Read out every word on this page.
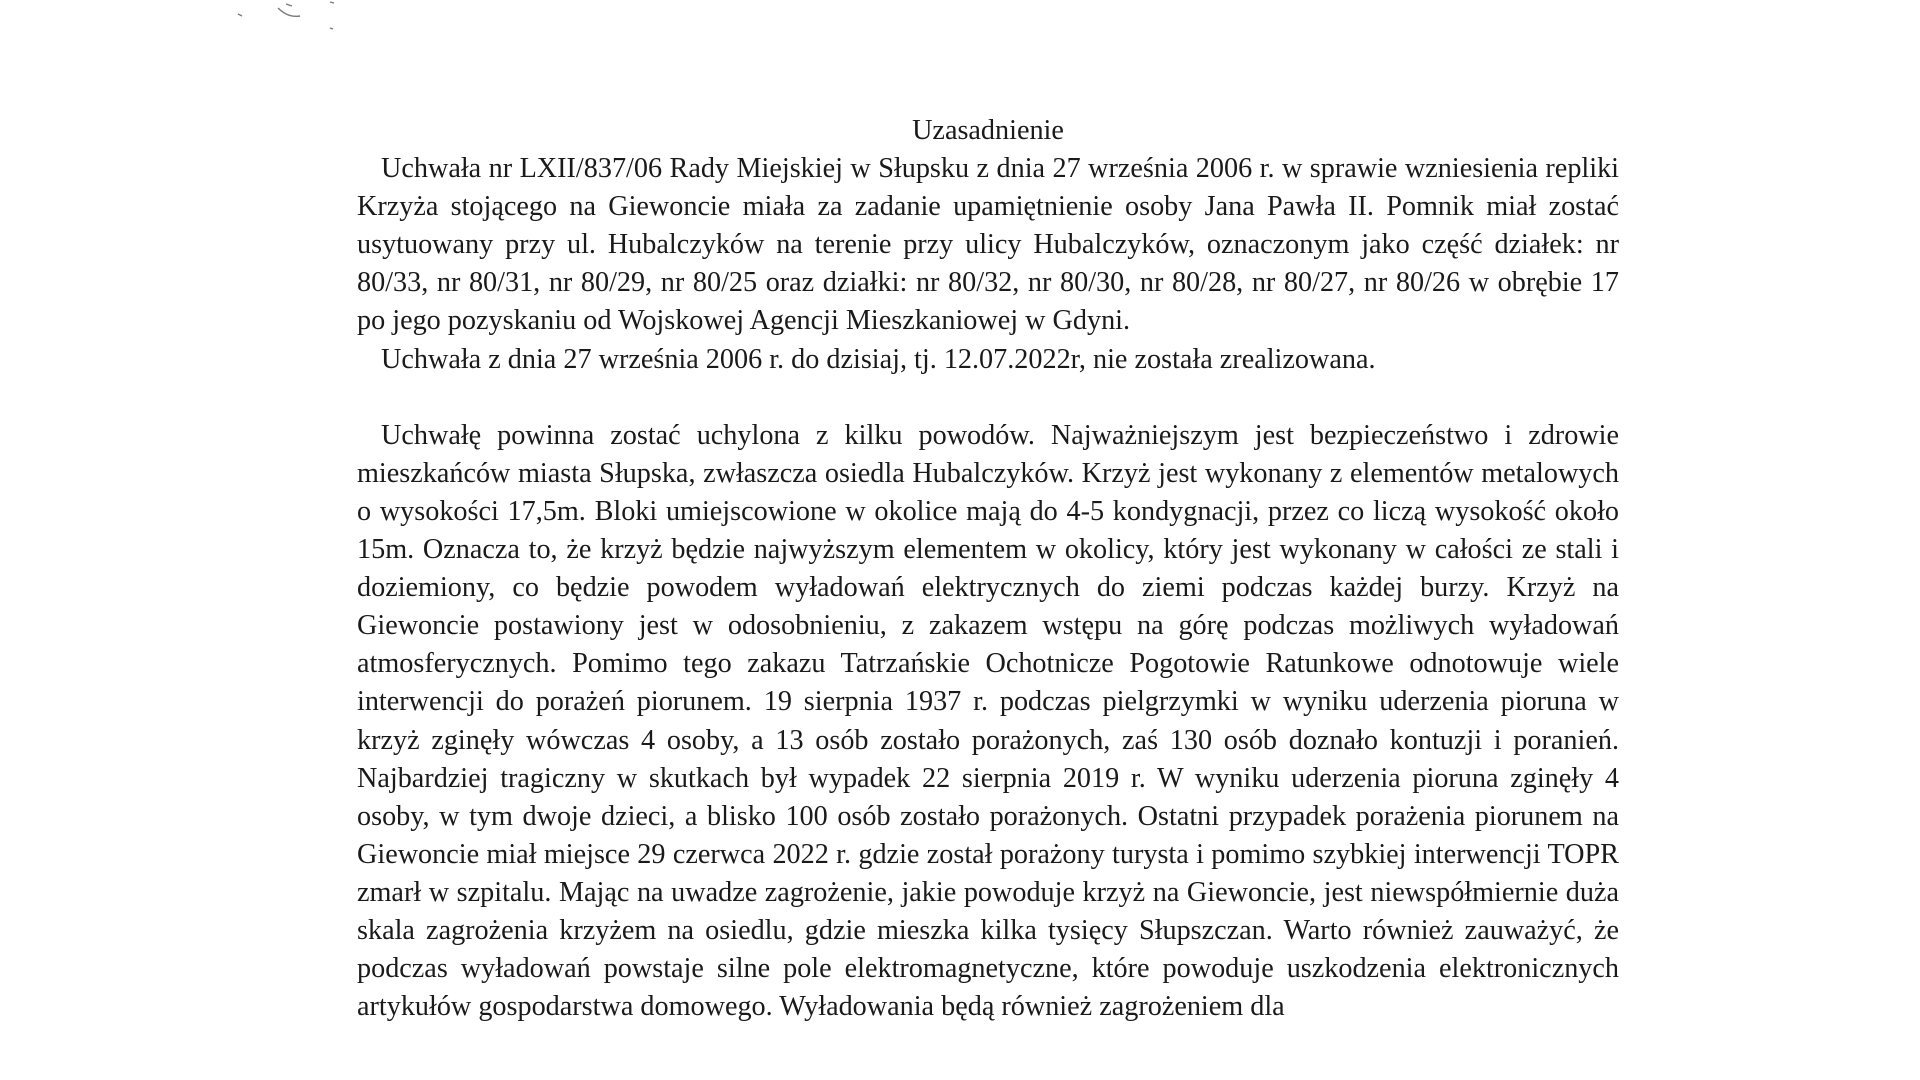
Uzasadnienie

Uchwała nr LXII/837/06 Rady Miejskiej w Słupsku z dnia 27 września 2006 r. w sprawie wzniesienia repliki Krzyża stojącego na Giewoncie miała za zadanie upamiętnienie osoby Jana Pawła II. Pomnik miał zostać usytuowany przy ul. Hubalczyków na terenie przy ulicy Hubalczyków, oznaczonym jako część działek: nr 80/33, nr 80/31, nr 80/29, nr 80/25 oraz działki: nr 80/32, nr 80/30, nr 80/28, nr 80/27, nr 80/26 w obrębie 17 po jego pozyskaniu od Wojskowej Agencji Mieszkaniowej w Gdyni.

Uchwała z dnia 27 września 2006 r. do dzisiaj, tj. 12.07.2022r, nie została zrealizowana.

Uchwałę powinna zostać uchylona z kilku powodów. Najważniejszym jest bezpieczeństwo i zdrowie mieszkańców miasta Słupska, zwłaszcza osiedla Hubalczyków. Krzyż jest wykonany z elementów metalowych o wysokości 17,5m. Bloki umiejscowione w okolice mają do 4-5 kondygnacji, przez co liczą wysokość około 15m. Oznacza to, że krzyż będzie najwyższym elementem w okolicy, który jest wykonany w całości ze stali i doziemiony, co będzie powodem wyładowań elektrycznych do ziemi podczas każdej burzy. Krzyż na Giewoncie postawiony jest w odosobnieniu, z zakazem wstępu na górę podczas możliwych wyładowań atmosferycznych. Pomimo tego zakazu Tatrzańskie Ochotnicze Pogotowie Ratunkowe odnotowuje wiele interwencji do porażeń piorunem. 19 sierpnia 1937 r. podczas pielgrzymki w wyniku uderzenia pioruna w krzyż zginęły wówczas 4 osoby, a 13 osób zostało porażonych, zaś 130 osób doznało kontuzji i poranień. Najbardziej tragiczny w skutkach był wypadek 22 sierpnia 2019 r. W wyniku uderzenia pioruna zginęły 4 osoby, w tym dwoje dzieci, a blisko 100 osób zostało porażonych. Ostatni przypadek porażenia piorunem na Giewoncie miał miejsce 29 czerwca 2022 r. gdzie został porażony turysta i pomimo szybkiej interwencji TOPR zmarł w szpitalu. Mając na uwadze zagrożenie, jakie powoduje krzyż na Giewoncie, jest niewspółmiernie duża skala zagrożenia krzyżem na osiedlu, gdzie mieszka kilka tysięcy Słupszczan. Warto również zauważyć, że podczas wyładowań powstaje silne pole elektromagnetyczne, które powoduje uszkodzenia elektronicznych artykułów gospodarstwa domowego. Wyładowania będą również zagrożeniem dla
